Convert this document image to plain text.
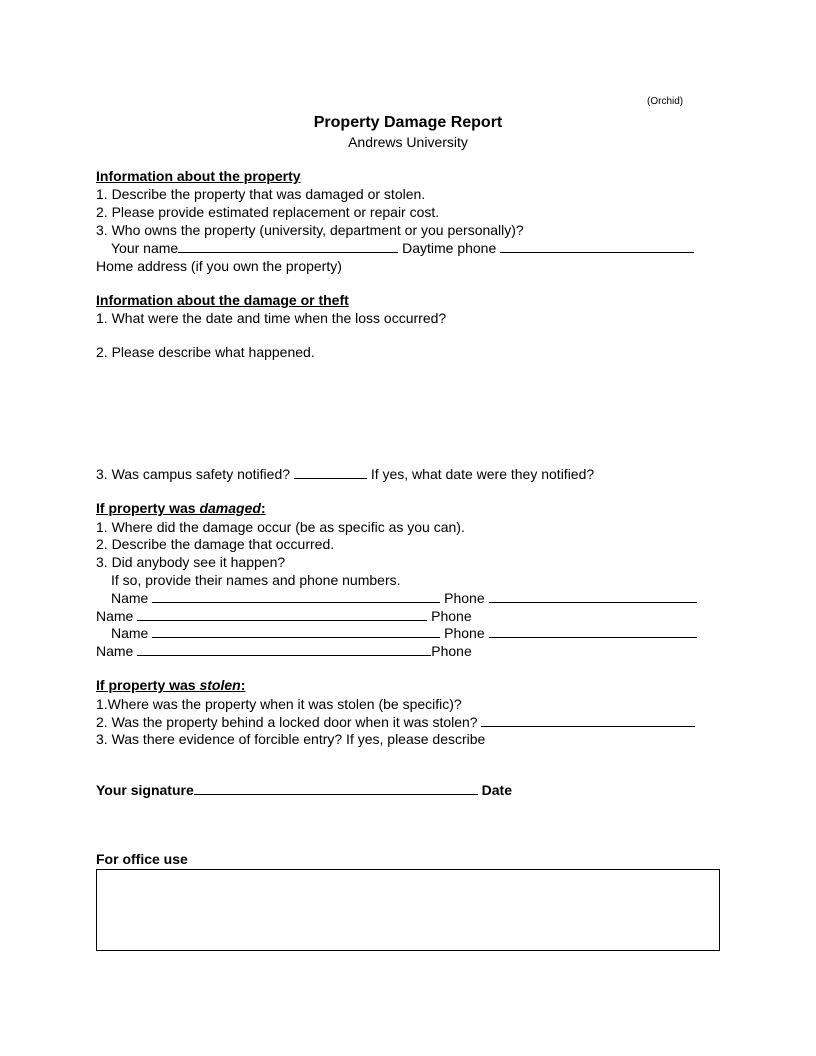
(Orchid)
Property Damage Report
Andrews University
Information about the property
1. Describe the property that was damaged or stolen.
2. Please provide estimated replacement or repair cost.
3. Who owns the property (university, department or you personally)?
Your name	Daytime phone
Home address (if you own the property)
Information about the damage or theft
1. What were the date and time when the loss occurred?
2. Please describe what happened.
3. Was campus safety notified?	If yes, what date were they notified?
If property was damaged:
1. Where did the damage occur (be as specific as you can).
2. Describe the damage that occurred.
3. Did anybody see it happen?
If so, provide their names and phone numbers.
Name	Phone
Name	Phone
Name	Phone
Name	Phone
If property was stolen:
1.Where was the property when it was stolen (be specific)?
2. Was the property behind a locked door when it was stolen?
3. Was there evidence of forcible entry? If yes, please describe
Your signature	Date
For office use
